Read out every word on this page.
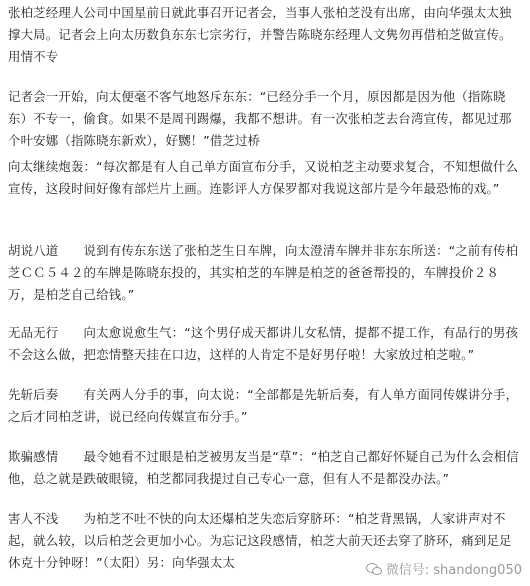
张柏芝经理人公司中国星前日就此事召开记者会，当事人张柏芝没有出席，由向华强太太独撑大局。记者会上向太历数負东东七宗劣行，并警告陈晓东经理人文隽勿再借柏芝做宣传。用情不专
记者会一开始，向太便毫不客气地怒斥东东：“已经分手一个月，原因都是因为他（指陈晓东）不专一，偷食。如果不是周刊踢爆，我都不想讲。有一次张柏芝去台湾宣传，都见过那个叶安娜（指陈晓东新欢），好嬲！”借芝过桥
向太继续炮轰：“每次都是有人自己单方面宣布分手，又说柏芝主动要求复合，不知想做什么宣传，这段时间好像有部烂片上画。连影评人方保罗都对我说这部片是今年最恐怖的戏。”
胡说八道　　说到有传东东送了张柏芝生日车牌，向太澄清车牌并非东东所送：“之前有传柏芝ＣＣ５４２的车牌是陈晓东投的，其实柏芝的车牌是柏芝的爸爸帮投的，车牌投价２８万，是柏芝自己给钱。”
无品无行　　向太愈说愈生气：“这个男仔成天都讲儿女私情，提都不提工作，有品行的男孩不会这么做，把恋情整天挂在口边，这样的人肯定不是好男仔啦！大家放过柏芝啦。”
先斩后奏　　有关两人分手的事，向太说：“全部都是先斩后奏，有人单方面同传媒讲分手，之后才同柏芝讲，说已经向传媒宣布分手。”
欺骗感情　　最令她看不过眼是柏芝被男友当是“草”：“柏芝自己都好怀疑自己为什么会相信他，总之就是跌破眼镜，柏芝都同我提过自己专心一意，但有人不是都没办法。”
害人不浅　　为柏芝不吐不快的向太还爆柏芝失恋后穿脐环：“柏芝背黑锅，人家讲声对不起，就么较，以后柏芝会更加小心。为忘记这段感情，柏芝大前天还去穿了脐环，痛到足足休克十分钟呀！”（太阳）另：向华强太太
微信号: shandong050
